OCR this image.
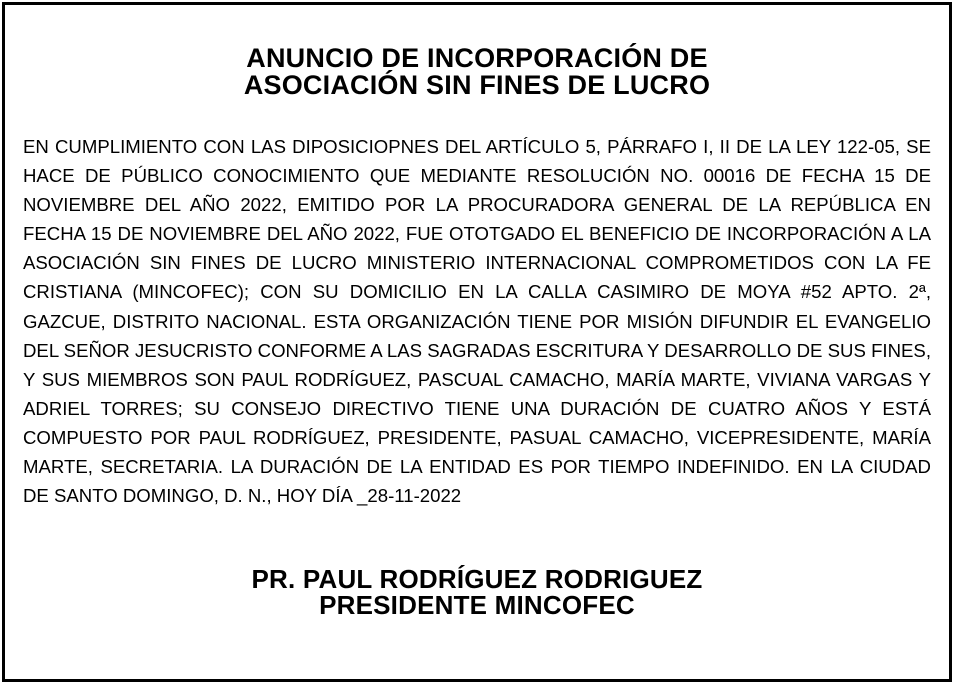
ANUNCIO DE INCORPORACIÓN DE
ASOCIACIÓN SIN FINES DE LUCRO

EN CUMPLIMIENTO CON LAS DIPOSICIOPNES DEL ARTÍCULO 5, PÁRRAFO I, II DE LA LEY 122-05, SE HACE DE PÚBLICO CONOCIMIENTO QUE MEDIANTE RESOLUCIÓN NO. 00016 DE FECHA 15 DE NOVIEMBRE DEL AÑO 2022, EMITIDO POR LA PROCURADORA GENERAL DE LA REPÚBLICA EN FECHA 15 DE NOVIEMBRE DEL AÑO 2022, FUE OTOTGADO EL BENEFICIO DE INCORPORACIÓN A LA ASOCIACIÓN SIN FINES DE LUCRO MINISTERIO INTERNACIONAL COMPROMETIDOS CON LA FE CRISTIANA (MINCOFEC); CON SU DOMICILIO EN LA CALLA CASIMIRO DE MOYA #52 APTO. 2ª, GAZCUE, DISTRITO NACIONAL. ESTA ORGANIZACIÓN TIENE POR MISIÓN DIFUNDIR EL EVANGELIO DEL SEÑOR JESUCRISTO CONFORME A LAS SAGRADAS ESCRITURA Y DESARROLLO DE SUS FINES, Y SUS MIEMBROS SON PAUL RODRÍGUEZ, PASCUAL CAMACHO, MARÍA MARTE, VIVIANA VARGAS Y ADRIEL TORRES; SU CONSEJO DIRECTIVO TIENE UNA DURACIÓN DE CUATRO AÑOS Y ESTÁ COMPUESTO POR PAUL RODRÍGUEZ, PRESIDENTE, PASUAL CAMACHO, VICEPRESIDENTE, MARÍA MARTE, SECRETARIA. LA DURACIÓN DE LA ENTIDAD ES POR TIEMPO INDEFINIDO. EN LA CIUDAD DE SANTO DOMINGO, D. N., HOY DÍA _28-11-2022

PR. PAUL RODRÍGUEZ RODRIGUEZ
PRESIDENTE MINCOFEC
